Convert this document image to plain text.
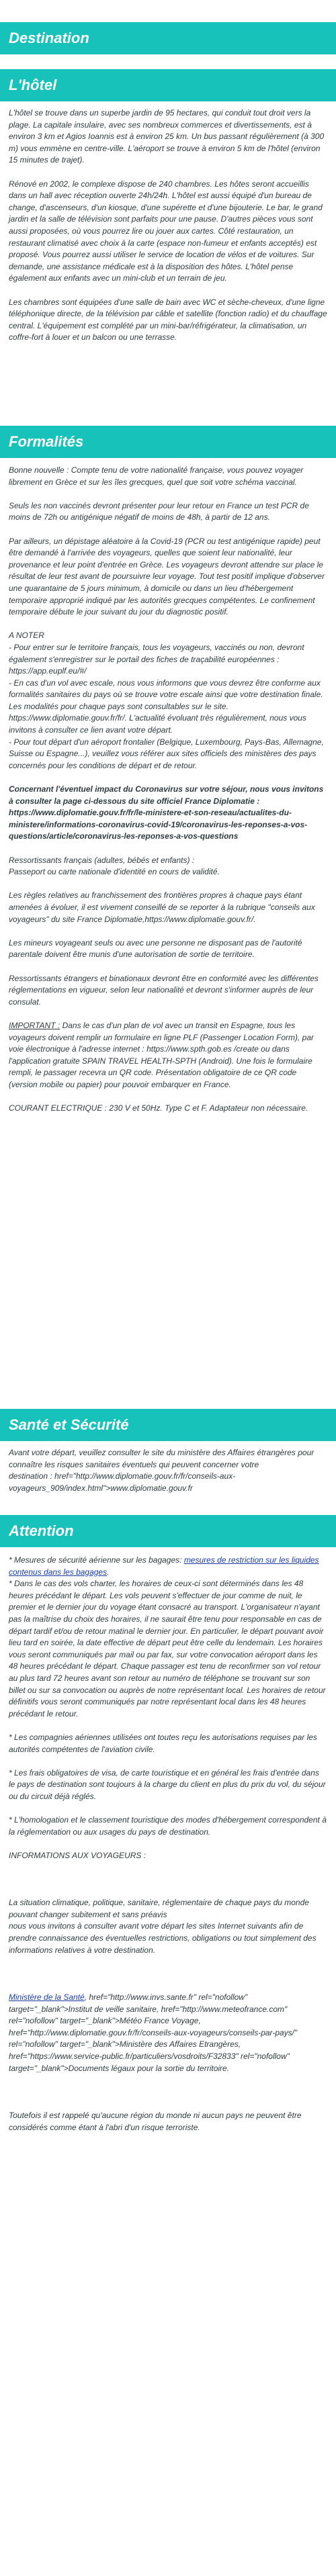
Destination
L'hôtel

L'hôtel se trouve dans un superbe jardin de 95 hectares, qui conduit tout droit vers la plage. La capitale insulaire, avec ses nombreux commerces et divertissements, est à environ 3 km et Agios Ioannis est à environ 25 km. Un bus passant régulièrement (à 300 m) vous emmène en centre-ville. L'aéroport se trouve à environ 5 km de l'hôtel (environ 15 minutes de trajet).

Rénové en 2002, le complexe dispose de 240 chambres. Les hôtes seront accueillis dans un hall avec réception ouverte 24h/24h. L'hôtel est aussi équipé d'un bureau de change, d'ascenseurs, d'un kiosque, d'une supérette et d'une bijouterie. Le bar, le grand jardin et la salle de télévision sont parfaits pour une pause. D'autres pièces vous sont aussi proposées, où vous pourrez lire ou jouer aux cartes. Côté restauration, un restaurant climatisé avec choix à la carte (espace non-fumeur et enfants acceptés) est proposé. Vous pourrez aussi utiliser le service de location de vélos et de voitures. Sur demande, une assistance médicale est à la disposition des hôtes. L'hôtel pense également aux enfants avec un mini-club et un terrain de jeu.

Les chambres sont équipées d'une salle de bain avec WC et sèche-cheveux, d'une ligne téléphonique directe, de la télévision par câble et satellite (fonction radio) et du chauffage central. L'équipement est complété par un mini-bar/réfrigérateur, la climatisation, un coffre-fort à louer et un balcon ou une terrasse.

Formalités

Bonne nouvelle : Compte tenu de votre nationalité française, vous pouvez voyager librement en Grèce et sur les îles grecques, quel que soit votre schéma vaccinal.

Seuls les non vaccinés devront présenter pour leur retour en France un test PCR de moins de 72h ou antigénique négatif de moins de 48h, à partir de 12 ans.

Par ailleurs, un dépistage aléatoire à la Covid-19 (PCR ou test antigénique rapide) peut être demandé à l'arrivée des voyageurs, quelles que soient leur nationalité, leur provenance et leur point d'entrée en Grèce. Les voyageurs devront attendre sur place le résultat de leur test avant de poursuivre leur voyage. Tout test positif implique d'observer une quarantaine de 5 jours minimum, à domicile ou dans un lieu d'hébergement temporaire approprié indiqué par les autorités grecques compétentes. Le confinement temporaire débute le jour suivant du jour du diagnostic positif.

A NOTER

- Pour entrer sur le territoire français, tous les voyageurs, vaccinés ou non, devront également s'enregistrer sur le portail des fiches de traçabilité européennes : https://app.euplf.eu/#/

- En cas d'un vol avec escale, nous vous informons que vous devrez être conforme aux formalités sanitaires du pays où se trouve votre escale ainsi que votre destination finale.

Les modalités pour chaque pays sont consultables sur le site. https://www.diplomatie.gouv.fr/fr/. L'actualité évoluant très régulièrement, nous vous invitons à consulter ce lien avant votre départ.

- Pour tout départ d'un aéroport frontalier (Belgique, Luxembourg, Pays-Bas, Allemagne, Suisse ou Espagne...), veuillez vous référer aux sites officiels des ministères des pays concernés pour les conditions de départ et de retour.

Concernant l'éventuel impact du Coronavirus sur votre séjour, nous vous invitons à consulter la page ci-dessous du site officiel France Diplomatie : https://www.diplomatie.gouv.fr/fr/le-ministere-et-son-reseau/actualites-du-ministere/informations-coronavirus-covid-19/coronavirus-les-reponses-a-vos-questions/article/coronavirus-les-reponses-a-vos-questions

Ressortissants français (adultes, bébés et enfants) :

Passeport ou carte nationale d'identité en cours de validité.

Les règles relatives au franchissement des frontières propres à chaque pays étant amenées à évoluer, il est vivement conseillé de se reporter à la rubrique "conseils aux voyageurs" du site France Diplomatie,https://www.diplomatie.gouv.fr/.

Les mineurs voyageant seuls ou avec une personne ne disposant pas de l'autorité parentale doivent être munis d'une autorisation de sortie de territoire.

Ressortissants étrangers et binationaux devront être en conformité avec les différentes réglementations en vigueur, selon leur nationalité et devront s'informer auprès de leur consulat.

IMPORTANT : Dans le cas d'un plan de vol avec un transit en Espagne, tous les voyageurs doivent remplir un formulaire en ligne PLF (Passenger Location Form), par voie électronique à l'adresse internet : https://www.spth.gob.es /create ou dans l'application gratuite SPAIN TRAVEL HEALTH-SPTH (Android). Une fois le formulaire rempli, le passager recevra un QR code. Présentation obligatoire de ce QR code (version mobile ou papier) pour pouvoir embarquer en France.

COURANT ELECTRIQUE : 230 V et 50Hz. Type C et F. Adaptateur non nécessaire.

Santé et Sécurité

Avant votre départ, veuillez consulter le site du ministère des Affaires étrangères pour connaître les risques sanitaires éventuels qui peuvent concerner votre

destination : href="http://www.diplomatie.gouv.fr/fr/conseils-aux-voyageurs_909/index.html">www.diplomatie.gouv.fr

Attention

* Mesures de sécurité aérienne sur les bagages: mesures de restriction sur les liquides contenus dans les bagages.

* Dans le cas des vols charter, les horaires de ceux-ci sont déterminés dans les 48 heures précédant le départ. Les vols peuvent s'effectuer de jour comme de nuit, le premier et le dernier jour du voyage étant consacré au transport. L'organisateur n'ayant pas la maîtrise du choix des horaires, il ne saurait être tenu pour responsable en cas de départ tardif et/ou de retour matinal le dernier jour. En particulier, le départ pouvant avoir lieu tard en soirée, la date effective de départ peut être celle du lendemain. Les horaires vous seront communiqués par mail ou par fax, sur votre convocation aéroport dans les 48 heures précédant le départ. Chaque passager est tenu de reconfirmer son vol retour au plus tard 72 heures avant son retour au numéro de téléphone se trouvant sur son billet ou sur sa convocation ou auprès de notre représentant local. Les horaires de retour définitifs vous seront communiqués par notre représentant local dans les 48 heures précédant le retour.

* Les compagnies aériennes utilisées ont toutes reçu les autorisations requises par les autorités compétentes de l'aviation civile.

* Les frais obligatoires de visa, de carte touristique et en général les frais d'entrée dans le pays de destination sont toujours à la charge du client en plus du prix du vol, du séjour ou du circuit déjà réglés.

* L'homologation et le classement touristique des modes d'hébergement correspondent à la réglementation ou aux usages du pays de destination.

INFORMATIONS AUX VOYAGEURS :

La situation climatique, politique, sanitaire, réglementaire de chaque pays du monde pouvant changer subitement et sans préavis

nous vous invitons à consulter avant votre départ les sites Internet suivants afin de prendre connaissance des éventuelles restrictions, obligations ou tout simplement des informations relatives à votre destination.

Ministère de la Santé, href="http://www.invs.sante.fr" rel="nofollow" target="_blank">Institut de veille sanitaire, href="http://www.meteofrance.com" rel="nofollow" target="_blank">Météo France Voyage, href="http://www.diplomatie.gouv.fr/fr/conseils-aux-voyageurs/conseils-par-pays/" rel="nofollow" target="_blank">Ministère des Affaires Etrangères, href="https://www.service-public.fr/particuliers/vosdroits/F32833" rel="nofollow" target="_blank">Documents légaux pour la sortie du territoire.

Toutefois il est rappelé qu'aucune région du monde ni aucun pays ne peuvent être considérés comme étant à l'abri d'un risque terroriste.
